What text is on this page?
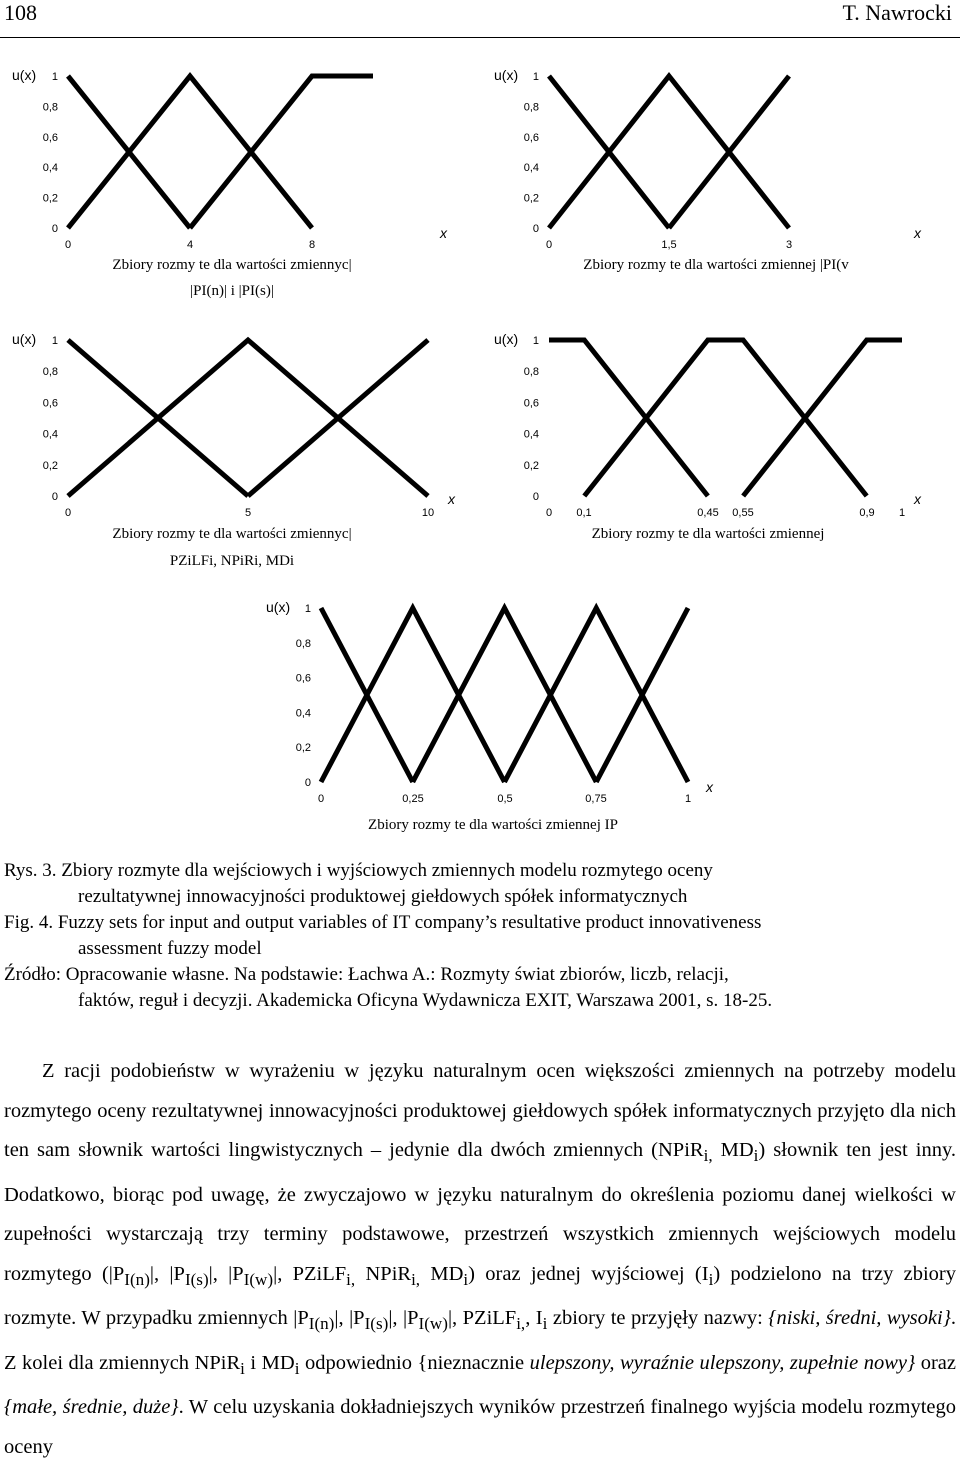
108	T. Nawrocki
0
0,2
0,4
0,6
0,8
1
u(x)
0	4	8
x
Zbiory rozmy te dla wartości zmiennyc|
|PI(n)| i |PI(s)|
0
0,2
0,4
0,6
0,8
1
u(x)
0	1,5	3
x
Zbiory rozmy te dla wartości zmiennej |PI(v
0
0,2
0,4
0,6
0,8
1
u(x)
0	5	10
x
Zbiory rozmy te dla wartości zmiennyc|
PZiLFi, NPiRi, MDi
0
0,2
0,4
0,6
0,8
1
u(x)
0 0,1	0,45 0,55	0,9 1
x
Zbiory rozmy te dla wartości zmiennej
0
0,2
0,4
0,6
0,8
1
u(x)
0	0,25	0,5	0,75	1
x
Zbiory rozmy te dla wartości zmiennej IP

Rys. 3. Zbiory rozmyte dla wejściowych i wyjściowych zmiennych modelu rozmytego oceny

rezultatywnej innowacyjności produktowej giełdowych spółek informatycznych

Fig. 4. Fuzzy sets for input and output variables of IT company’s resultative product innovativeness

assessment fuzzy model

Źródło: Opracowanie własne. Na podstawie: Łachwa A.: Rozmyty świat zbiorów, liczb, relacji,

faktów, reguł i decyzji. Akademicka Oficyna Wydawnicza EXIT, Warszawa 2001, s. 18-25.

Z racji podobieństw w wyrażeniu w języku naturalnym ocen większości zmiennych na potrzeby modelu rozmytego oceny rezultatywnej innowacyjności produktowej giełdowych spółek informatycznych przyjęto dla nich ten sam słownik wartości lingwistycznych – jedynie dla dwóch zmiennych (NPiR$_{i,}$ $MD_i$) słownik ten jest inny. Dodatkowo, biorąc pod uwagę, że zwyczajowo w języku naturalnym do określenia poziomu danej wielkości w zupełności wystarczają trzy terminy podstawowe, przestrzeń wszystkich zmiennych wejściowych modelu rozmytego ($|P_{I(n)}|$, $|P_{I(s)}|$, $|P_{I(w)}|$, PZiLF$_{i,}$ NPiR$_{i,}$ $MD_i$) oraz jednej wyjściowej $(I_i)$ podzielono na trzy zbiory rozmyte. W przypadku zmiennych $|P_{I(n)}|$, $|P_{I(s)}|$, $|P_{I(w)}|$, PZiLF$_{i,}$, $I_i$ zbiory te przyjęły nazwy: {niski, średni, wysoki}. Z kolei dla zmiennych NPiR$_i$ i $MD_i$ odpowiednio {nieznacznie ulepszony, wyraźnie ulepszony, zupełnie nowy} oraz {małe, średnie, duże}. W celu uzyskania dokładniejszych wyników przestrzeń finalnego wyjścia modelu rozmytego oceny
